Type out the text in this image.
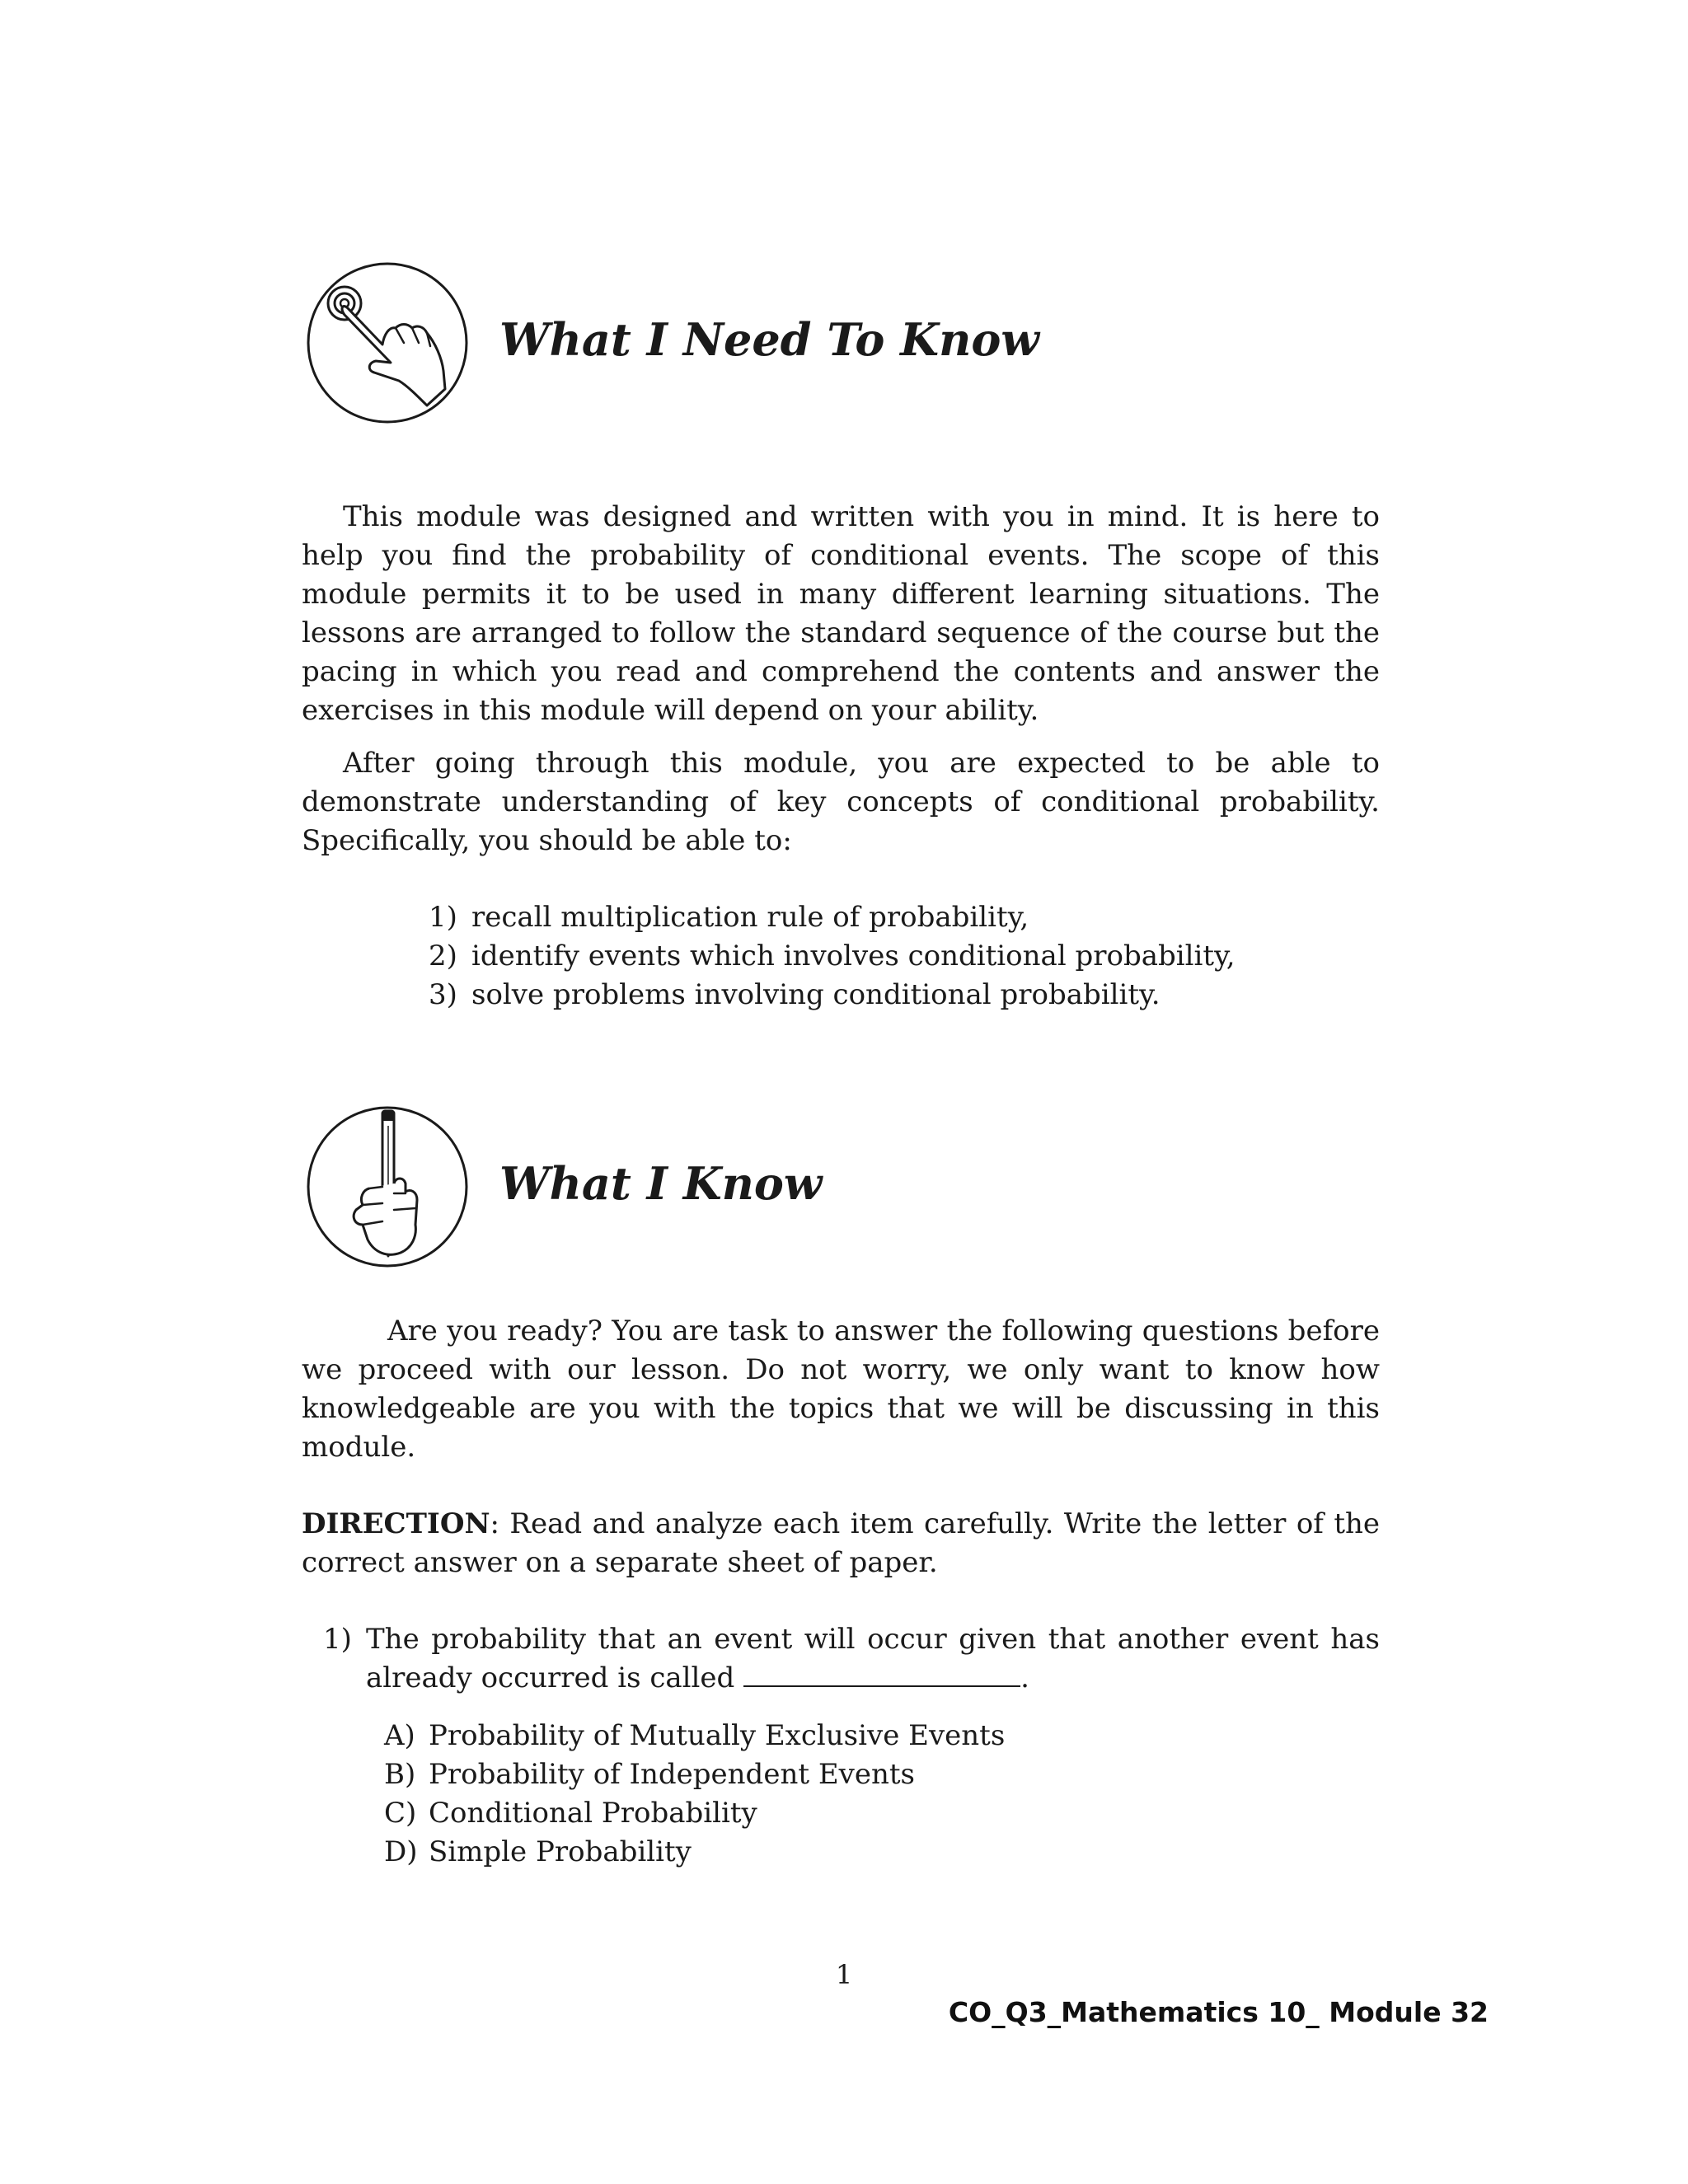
What I Need To Know

This module was designed and written with you in mind. It is here to help you find the probability of conditional events. The scope of this module permits it to be used in many different learning situations. The lessons are arranged to follow the standard sequence of the course but the pacing in which you read and comprehend the contents and answer the exercises in this module will depend on your ability.

After going through this module, you are expected to be able to demonstrate understanding of key concepts of conditional probability. Specifically, you should be able to:

1) recall multiplication rule of probability,
2) identify events which involves conditional probability,
3) solve problems involving conditional probability.
What I Know

Are you ready? You are task to answer the following questions before we proceed with our lesson. Do not worry, we only want to know how knowledgeable are you with the topics that we will be discussing in this module.

DIRECTION: Read and analyze each item carefully. Write the letter of the correct answer on a separate sheet of paper.

1) The probability that an event will occur given that another event has already occurred is called	.
A) Probability of Mutually Exclusive Events
B) Probability of Independent Events
C) Conditional Probability
D) Simple Probability
1
CO_Q3_Mathematics 10_ Module 32
